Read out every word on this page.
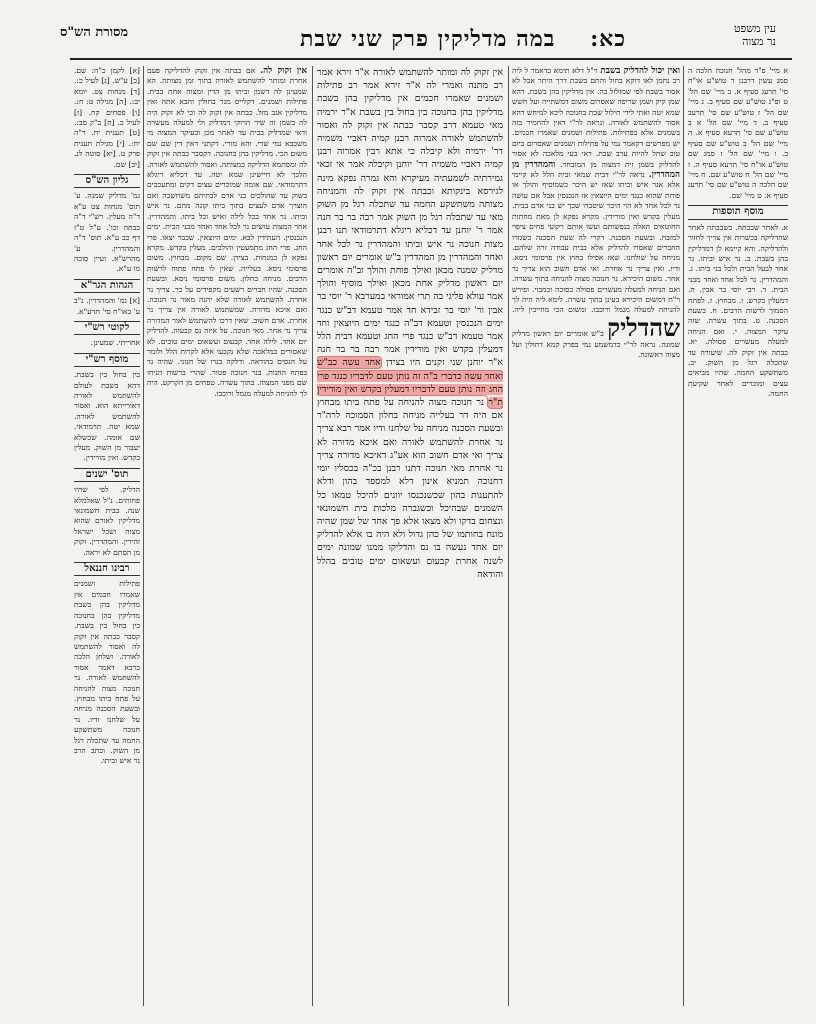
מסורת הש"ס	כא:    במה מדליקין פרק שני שבת	עין משפט
נר מצוה

א מיי' פ"ד מהל' חנוכה הלכה ה סמג עשין דרבנן ד טוש"ע או"ח סי' תרעג סעיף א. ב מיי' שם הל' ט ופ"ג טוש"ע שם סעיף ב. ג מיי' שם הל' ז טוש"ע שם סי' תרעב סעיף ב. ד מיי' שם הל' א ב טוש"ע שם סי' תרעא סעיף א. ה מיי' שם הל' ב טוש"ע שם סעיף ב. ו מיי' שם הל' ז סמג שם טוש"ע או"ח סי' תרעא סעיף ה. ז מיי' שם הל' ח טוש"ע שם. ח מיי' שם הלכה ה טוש"ע שם סי' תרעג סעיף א. ט מיי' שם.

מוסף תוספות

א. לאחר שכבתה. כשכבתה לאחר שהדליקה בכשרות אין צריך לחזור ולהדליקה. והא קיימא לן דמדליקין בהן בשבת. ב. נר איש וביתו. נר אחד לבעל הבית ולכל בני ביתו. ג. והמהדרין. נר לכל אחד ואחד מבני הבית. ד. רבי יוסי בר אבין. ה. דמעלין בקדש. ו. מבחוץ. ז. לפתח הסמוך לרשות הרבים. ח. בשעת הסכנה. ט. בתוך עשרה. שזה עיקר המצוה. י. ואם הניחה למעלה מעשרים פסולה. יא. כבתה אין זקוק לה. שיעורה עד שתכלה רגל מן השוק. יב. משתשקע החמה. שהיו מביאים עצים ומוכרים לאחר שקיעת החמה.

ואין יכול להדליק בשבת וי"ל דלא תימא כדאמר ל ליה רב נחמן לאו דוקא בחול והתם בשבת דרך היתר אבל לא אסור בשבת לפי שמזלזל בה. אין מדליקין בהן בשבת. דהא שמן קיק ושמן שריפה שאסרום משום דמשתייה ועל חשש שמא יטה ואתי לידי חילול שבת בחנוכה ליכא למיחש דהא אסור להשתמש לאורה. ונראה לר"י דאין להחמיר בזה בשמנים אלא בפתילות. פתילות ושמנים שאמרו חכמים. יש מפרשים דקאמר נמי על פתילות ושמנים שאסרום ביום טוב שחל להיות ערב שבת. דאי בעי מלאכה לא אסור להדליק בשמן זית דמצוה מן המובחר. והמהדרין מן המהדרין. נראה לר"י דבית שמאי ובית הלל לא קיימי אלא אנר איש וביתו שאז יש היכר כשמוסיף והולך או פוחת שהוא כנגד ימים היוצאין או הנכנסין אבל אם עושה נר לכל אחד לא הוי היכר שיסברו שכך יש בני אדם בבית. מעלין בקדש ואין מורידין. מקרא נפקא לן מאת מחתות החוטאים האלה בנפשותם ועשו אותם רקועי פחים ציפוי למזבח. ובשעת הסכנה. דקרי לה שעת הסכנה כשגזרו החברים שאסרו להדליק אלא בבית עבודה זרה שלהם. מניחה על שולחנו. שאז אפילו בחוץ אין פרסומי ניסא. ודיו. ואין צריך נר אחרת. ואי אדם חשוב הוא צריך נר אחר. משום היכירא. נר חנוכה מצוה להניחה בתוך עשרה. ואם הניחה למעלה מעשרים פסולה כסוכה וכמבוי. ופירש ר"ת דמשום היכירא בעינן בתוך עשרה. לימא ליה היה לך להניחה למעלה מגמל ורוכבו. ומשום הכי מחייבין ליה. שהדליק ב"ש אומרים יום ראשון מדליק שמונה. נראה לר"י כדמשמע נמי בפרק קמא דחולין ועל מצוה ראשונה.

אין זקוק לה ומותר להשתמש לאורה א"ר זירא אמר רב מתנה ואמרי לה א"ר זירא אמר רב פתילות ושמנים שאמרו חכמים אין מדליקין בהן בשבת מדליקין בהן בחנוכה בין בחול בין בשבת א"ר ירמיה מאי טעמא דרב קסבר כבתה אין זקוק לה ואסור להשתמש לאורה אמרוה רבנן קמיה דאביי משמיה דר' ירמיה ולא קיבלה כי אתא רבין אמרוה רבנן קמיה דאביי משמיה דר' יוחנן וקיבלה אמר אי זכאי גמירתיה לשמעתיה מעיקרא והא גמרה נפקא מינה לגירסא בינקותא וכבתה אין זקוק לה והמניחה מצותה משתשקע החמה עד שתכלה רגל מן השוק מאי עד שתכלה רגל מן השוק אמר רבה בר בר חנה אמר ר' יוחנן עד דכליא ריגלא דתרמודאי תנו רבנן מצות חנוכה נר איש וביתו והמהדרין נר לכל אחד ואחד והמהדרין מן המהדרין ב"ש אומרים יום ראשון מדליק שמנה מכאן ואילך פוחת והולך וב"ה אומרים יום ראשון מדליק אחת מכאן ואילך מוסיף והולך אמר עולא פליגי בה תרי אמוראי במערבא ר' יוסי בר אבין ור' יוסי בר זבידא חד אמר טעמא דב"ש כנגד ימים הנכנסין וטעמא דב"ה כנגד ימים היוצאין וחד אמר טעמא דב"ש כנגד פרי החג וטעמא דבית הלל דמעלין בקדש ואין מורידין אמר רבה בר בר חנה א"ר יוחנן שני זקנים היו בצידן אחד עשה כב"ש ואחד עשה כדברי ב"ה זה נותן טעם לדבריו כנגד פרי החג וזה נותן טעם לדבריו דמעלין בקדש ואין מורידין ת"ר נר חנוכה מצוה להניחה על פתח ביתו מבחוץ אם היה דר בעלייה מניחה בחלון הסמוכה לרה"ר ובשעת הסכנה מניחה על שלחנו ודיו אמר רבא צריך נר אחרת להשתמש לאורה ואם איכא מדורה לא צריך ואי אדם חשוב הוא אע"ג דאיכא מדורה צריך נר אחרת מאי חנוכה דתנו רבנן בכ"ה בכסליו יומי דחנוכה תמניא אינון דלא למספד בהון ודלא להתענות בהון שכשנכנסו יוונים להיכל טמאו כל השמנים שבהיכל וכשגברה מלכות בית חשמונאי ונצחום בדקו ולא מצאו אלא פך אחד של שמן שהיה מונח בחותמו של כהן גדול ולא היה בו אלא להדליק יום אחד נעשה בו נס והדליקו ממנו שמונה ימים לשנה אחרת קבעום ועשאום ימים טובים בהלל והודאה

אין זקוק לה. אם כבתה אין זקוק להדליקה פעם אחרת ומותר להשתמש לאורה בתוך זמן מצותה. הא שמעינן לה דשמן וביתו מן הדין ומצוה אחת בבית. פתילות ושמנים. דקלייס מנר בחולין והבא אתה ואין מדליקין אגב מזל. כבתה אין זקוק לה וכי לא זקוק היה לה בשמן זה שיר הרוקי דמדליק ולי למעלה מעשרה ודאי שמדליק בבית עד לאחר מכן ובעיקר המצוה מי משכבא נמי שרי. והא מורי. דקתני דאין דין שם שם משום הכי. מדליקין בהן בחנוכה. דקסבר כבתה אין זקוק לה ומסתמא הדליקה כמצותה. ואסור להשתמש לאורה. הלכך לא חיישינן שמא יטה. עד דכליא ריגלא דתרמודאי. שם אומה שמוכרים עצים דקים ומתעכבים בשוק עד שהולכים בני אדם לבתיהם משחשכה ואם הוצרך אדם לעצים בתוך ביתו קונה מהם. נר איש וביתו. נר אחד בכל לילה ואיש וכל ביתו. והמהדרין. אחר המצות עושים נר לכל אחד ואחד מבני הבית. ימים הנכנסין. העתידין לבא. ימים היוצאין. שכבר יצאו. פרי החג. פרי החג מתמעטין והולכים. מעלין בקדש. מקרא נפקא לן במנחות. בצידן. שם מקום. מבחוץ. משום פרסומי ניסא. בעלייה. שאין לו פתח פתוח לרשות הרבים. מניחה בחלון. משום פרסומי ניסא. ובשעת הסכנה. שהיו חברים רשעים מקפידים על כך. צריך נר אחרת. להשתמש לאורה שלא יהנה מאור נר חנוכה. ואם איכא מדורה. שמשתמש לאורה אין צריך נר אחרת. אדם חשוב. שאין דרכו להשתמש לאור המדורה צריך נר אחר. מאי חנוכה. על איזה נס קבעוה. להדליק יום אחד. לילה אחד. קבעום ועשאום ימים טובים. לא שאסורים במלאכה שלא נקבעו אלא לקרות הלל ולומר על הנסים בהודאה. ודלקה בנרו של חנוני. שהיה נר בפתח החנות. בנר חנוכה פטור. שהרי ברשות הניחו שם מפני המצוה. בתוך עשרה. טפחים מן הקרקע. היה לך להניחה למעלה מגמל ורוכבו.

[א] לקמן כ"ה: שם. [ב] ע"ש. [ג] לעיל כ:. [ד] מנחות צט. יומא יב:. [ה] מגילה ט: ח:. [ו] פסחים קח. [ז] לעיל כ. [ח] ב"ק סב:. [ט] תענית יח. ר"ה יח:. [י] מגילת תענית פרק ט. [יא] סוטה לג. [יב] שם.

גליון הש"ס

גמ' מדליק שמנה. ע' תוס' מנחות צט ע"א ד"ה מעלין. רש"י ד"ה כבתה וכו'. ע"ל ט"ז דף כב ע"א. תוס' ד"ה והמהדרין. ע' מהרש"א. ועיין סוכה מו ע"א.

הגהות הגר"א

[א] גמ' והמהדרין. נ"ב ע' באו"ח סי' תרע"א.

לקוטי רש"י

אחריתי. שמעינן.

מוסף רש"י

בין בחול בין בשבת. דהא בשבת לעולם להשתמש לאורה דאורייתא הוא. ואסור להשתמש לאורה. שמא יטה. תרמודאי. שם אומה. שכשלא יעבור מן השוק. מעלין בקדש. ואין מורידין.

תוס' ישנים

הדליק. לפי שהיו פחותים. נ"ל שאלמלא שנה. בבית חשמונאי מדליקין לאורם שהוא מצוה ושכל ישראל זהירין. והמהדרין. זקוק מן הסתם לא יראה.

רבינו חננאל

פתילות ושמנים שאמרו חכמים אין מדליקין בהן בשבת מדליקין בהן בחנוכה בין בחול בין בשבת. קסבר כבתה אין זקוק לה ואסור להשתמש לאורה. ושלחן הלכה כרבא דאמר אסור להשתמש לאורה. נר חנוכה מצוה להניחה על פתח ביתו מבחוץ. ובשעת הסכנה מניחה על שלחנו ודיו. נר חנוכה משתשקע החמה עד שתכלה רגל מן השוק. וכתב הרב נר איש וביתו.
